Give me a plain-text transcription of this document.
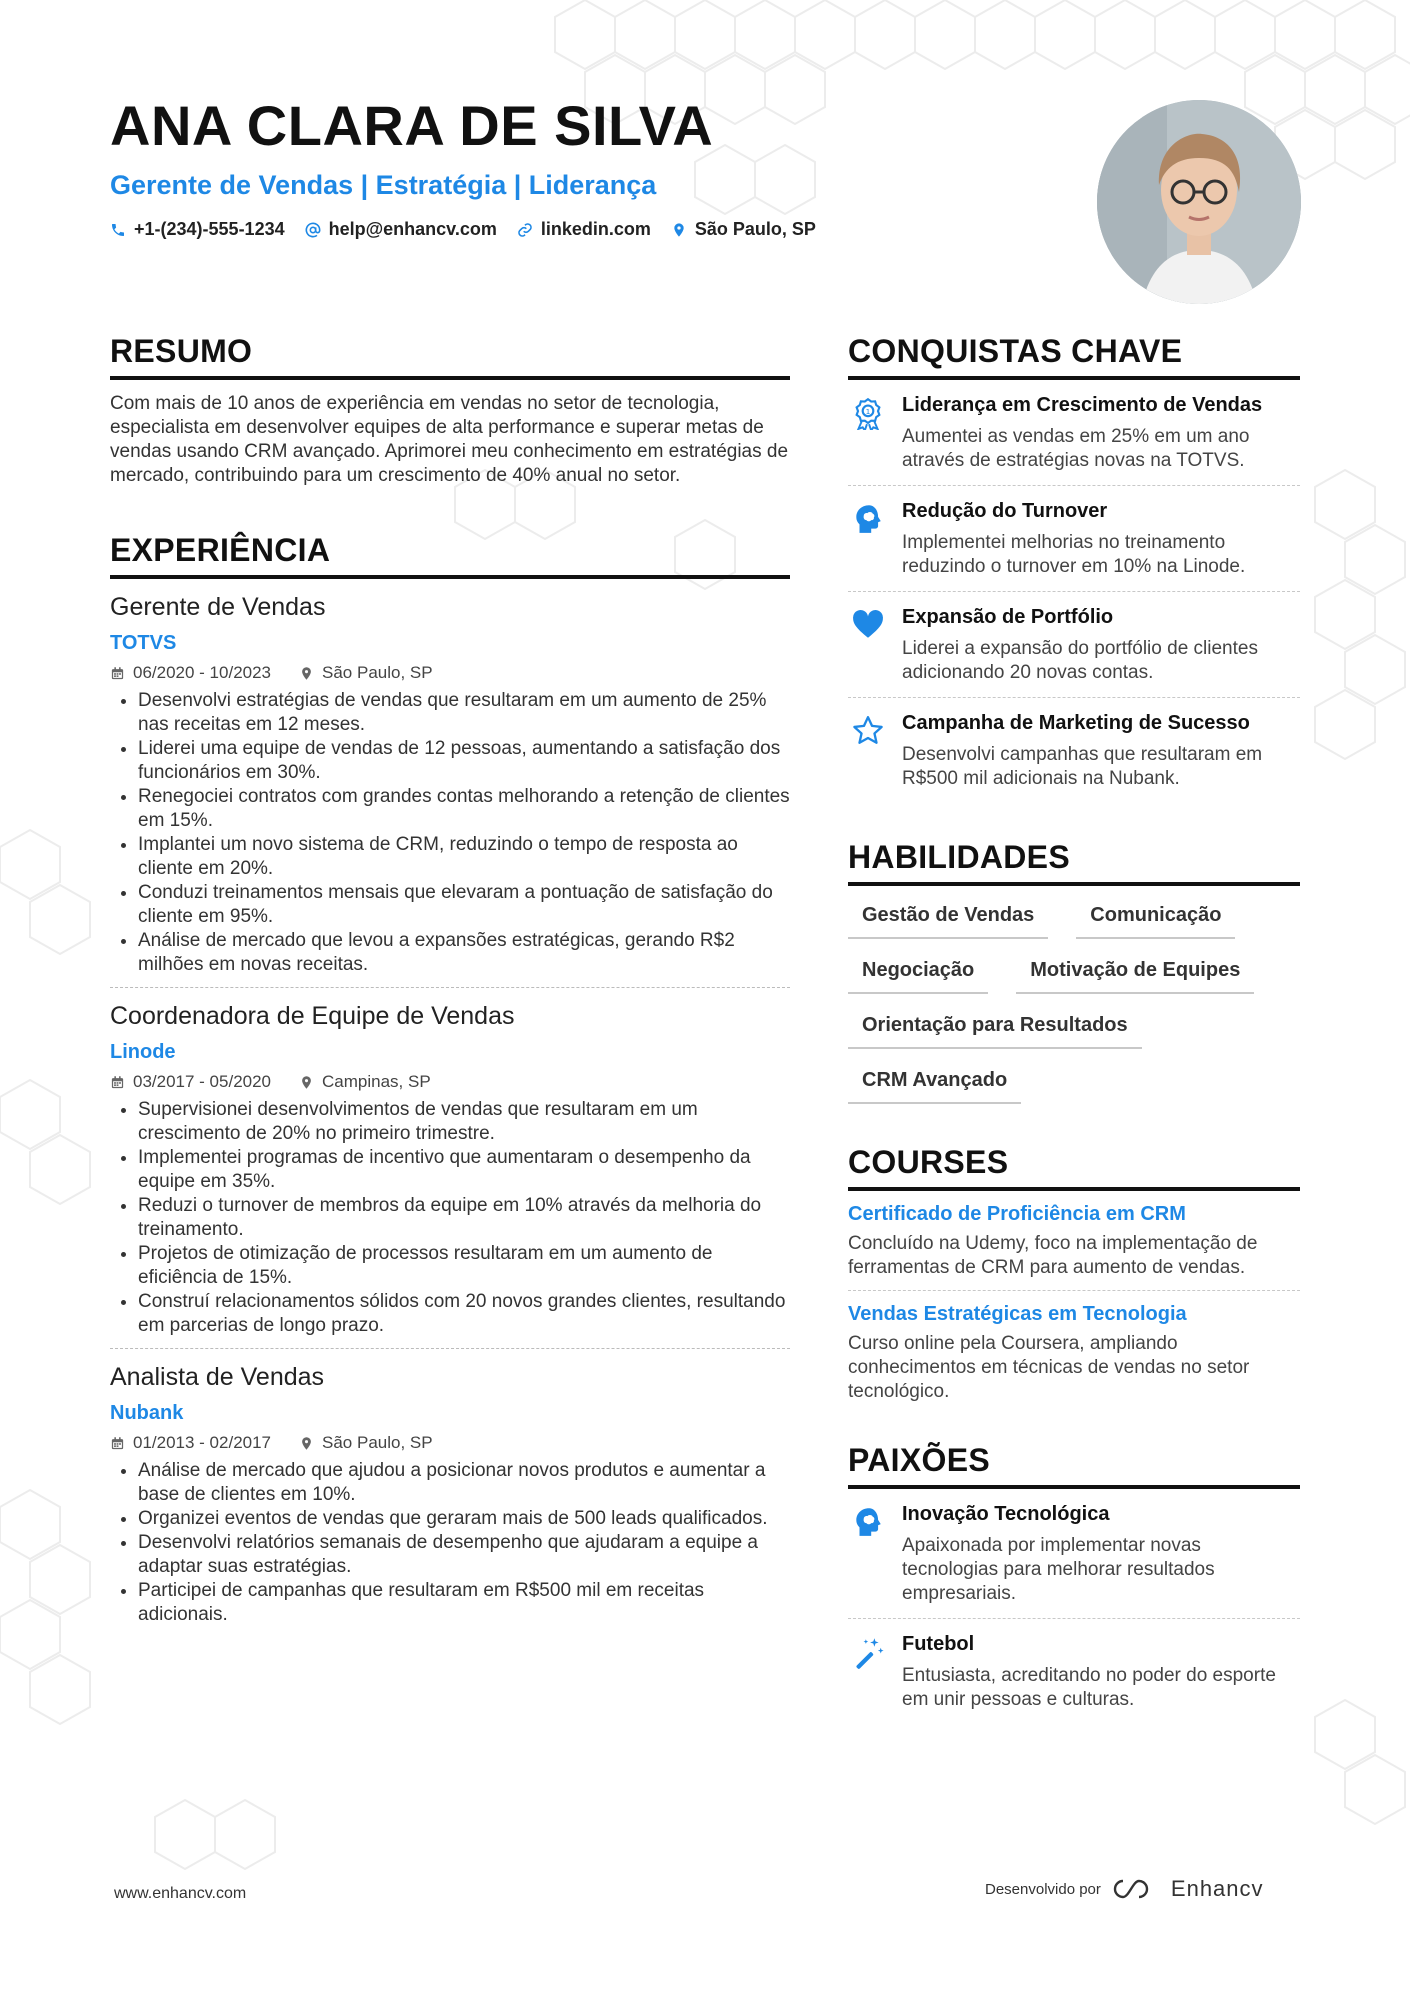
ANA CLARA DE SILVA
Gerente de Vendas | Estratégia | Liderança
+1-(234)-555-1234 help@enhancv.com linkedin.com São Paulo, SP
RESUMO
Com mais de 10 anos de experiência em vendas no setor de tecnologia, especialista em desenvolver equipes de alta performance e superar metas de vendas usando CRM avançado. Aprimorei meu conhecimento em estratégias de mercado, contribuindo para um crescimento de 40% anual no setor.
EXPERIÊNCIA
Gerente de Vendas
TOTVS
06/2020 - 10/2023	São Paulo, SP
• Desenvolvi estratégias de vendas que resultaram em um aumento de 25% nas receitas em 12 meses.
• Liderei uma equipe de vendas de 12 pessoas, aumentando a satisfação dos funcionários em 30%.
• Renegociei contratos com grandes contas melhorando a retenção de clientes em 15%.
• Implantei um novo sistema de CRM, reduzindo o tempo de resposta ao cliente em 20%.
• Conduzi treinamentos mensais que elevaram a pontuação de satisfação do cliente em 95%.
• Análise de mercado que levou a expansões estratégicas, gerando R$2 milhões em novas receitas.
Coordenadora de Equipe de Vendas
Linode
03/2017 - 05/2020	Campinas, SP
• Supervisionei desenvolvimentos de vendas que resultaram em um crescimento de 20% no primeiro trimestre.
• Implementei programas de incentivo que aumentaram o desempenho da equipe em 35%.
• Reduzi o turnover de membros da equipe em 10% através da melhoria do treinamento.
• Projetos de otimização de processos resultaram em um aumento de eficiência de 15%.
• Construí relacionamentos sólidos com 20 novos grandes clientes, resultando em parcerias de longo prazo.
Analista de Vendas
Nubank
01/2013 - 02/2017	São Paulo, SP
• Análise de mercado que ajudou a posicionar novos produtos e aumentar a base de clientes em 10%.
• Organizei eventos de vendas que geraram mais de 500 leads qualificados.
• Desenvolvi relatórios semanais de desempenho que ajudaram a equipe a adaptar suas estratégias.
• Participei de campanhas que resultaram em R$500 mil em receitas adicionais.
CONQUISTAS CHAVE
1 Liderança em Crescimento de Vendas
Aumentei as vendas em 25% em um ano através de estratégias novas na TOTVS.
Redução do Turnover
Implementei melhorias no treinamento reduzindo o turnover em 10% na Linode.
Expansão de Portfólio
Liderei a expansão do portfólio de clientes adicionando 20 novas contas.
Campanha de Marketing de Sucesso
Desenvolvi campanhas que resultaram em R$500 mil adicionais na Nubank.
HABILIDADES
Gestão de Vendas	Comunicação
Negociação	Motivação de Equipes
Orientação para Resultados
CRM Avançado
COURSES
Certificado de Proficiência em CRM
Concluído na Udemy, foco na implementação de ferramentas de CRM para aumento de vendas.
Vendas Estratégicas em Tecnologia
Curso online pela Coursera, ampliando conhecimentos em técnicas de vendas no setor tecnológico.
PAIXÕES
Inovação Tecnológica
Apaixonada por implementar novas tecnologias para melhorar resultados empresariais.
Futebol
Entusiasta, acreditando no poder do esporte em unir pessoas e culturas.
www.enhancv.com	Desenvolvido por	Enhancv
